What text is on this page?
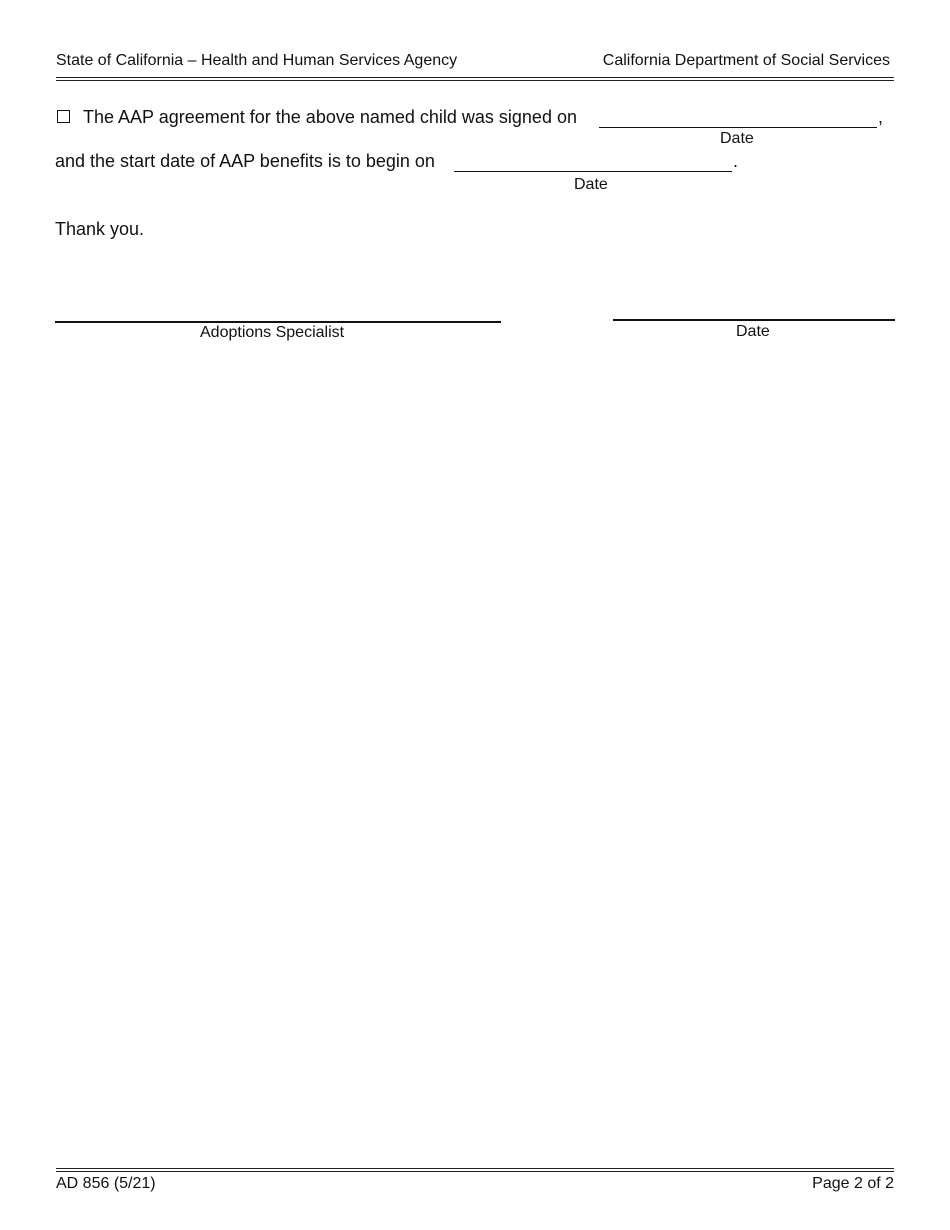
State of California – Health and Human Services Agency	California Department of Social Services
The AAP agreement for the above named child was signed on	,
Date
and the start date of AAP benefits is to begin on	.
Date
Thank you.
Adoptions Specialist	Date
AD 856 (5/21)	Page 2 of 2
